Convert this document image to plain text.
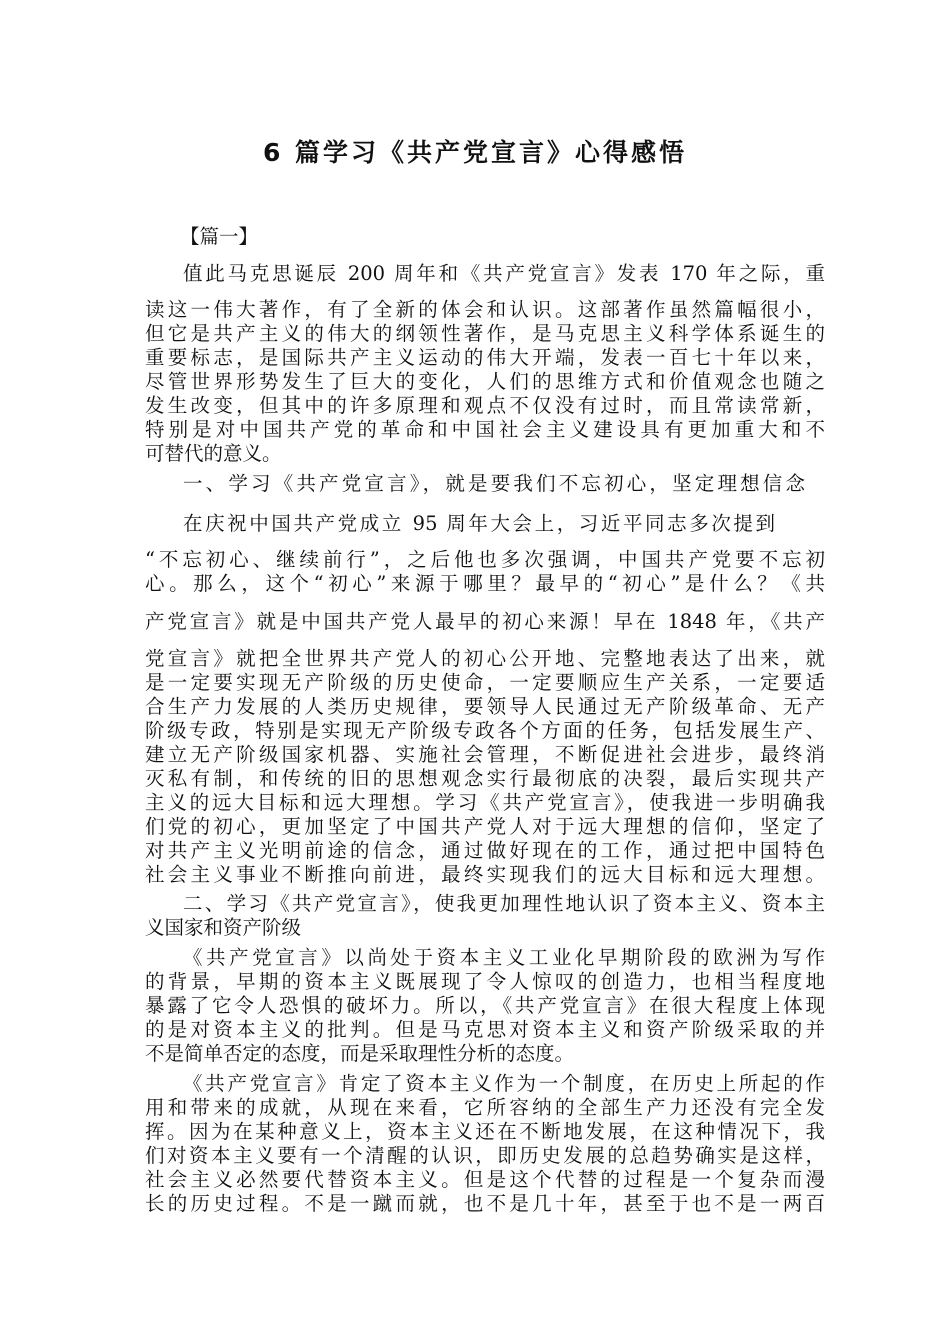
6 篇学习《共产党宣言》心得感悟

【篇一】

值此马克思诞辰 200 周年和《共产党宣言》发表 170 年之际，重

读这一伟大著作，有了全新的体会和认识。这部著作虽然篇幅很小，

但它是共产主义的伟大的纲领性著作，是马克思主义科学体系诞生的

重要标志，是国际共产主义运动的伟大开端，发表一百七十年以来，

尽管世界形势发生了巨大的变化，人们的思维方式和价值观念也随之

发生改变，但其中的许多原理和观点不仅没有过时，而且常读常新，

特别是对中国共产党的革命和中国社会主义建设具有更加重大和不

可替代的意义。

一、学习《共产党宣言》，就是要我们不忘初心，坚定理想信念

在庆祝中国共产党成立 95 周年大会上，习近平同志多次提到

“不忘初心、继续前行”，之后他也多次强调，中国共产党要不忘初

心。那么，这个“初心”来源于哪里？最早的“初心”是什么？《共

产党宣言》就是中国共产党人最早的初心来源！早在 1848 年，《共产

党宣言》就把全世界共产党人的初心公开地、完整地表达了出来，就

是一定要实现无产阶级的历史使命，一定要顺应生产关系，一定要适

合生产力发展的人类历史规律，要领导人民通过无产阶级革命、无产

阶级专政，特别是实现无产阶级专政各个方面的任务，包括发展生产、

建立无产阶级国家机器、实施社会管理，不断促进社会进步，最终消

灭私有制，和传统的旧的思想观念实行最彻底的决裂，最后实现共产

主义的远大目标和远大理想。学习《共产党宣言》，使我进一步明确我

们党的初心，更加坚定了中国共产党人对于远大理想的信仰，坚定了

对共产主义光明前途的信念，通过做好现在的工作，通过把中国特色

社会主义事业不断推向前进，最终实现我们的远大目标和远大理想。

二、学习《共产党宣言》，使我更加理性地认识了资本主义、资本主

义国家和资产阶级

《共产党宣言》以尚处于资本主义工业化早期阶段的欧洲为写作

的背景，早期的资本主义既展现了令人惊叹的创造力，也相当程度地

暴露了它令人恐惧的破坏力。所以，《共产党宣言》在很大程度上体现

的是对资本主义的批判。但是马克思对资本主义和资产阶级采取的并

不是简单否定的态度，而是采取理性分析的态度。

《共产党宣言》肯定了资本主义作为一个制度，在历史上所起的作

用和带来的成就，从现在来看，它所容纳的全部生产力还没有完全发

挥。因为在某种意义上，资本主义还在不断地发展，在这种情况下，我

们对资本主义要有一个清醒的认识，即历史发展的总趋势确实是这样，

社会主义必然要代替资本主义。但是这个代替的过程是一个复杂而漫

长的历史过程。不是一蹴而就，也不是几十年，甚至于也不是一两百
